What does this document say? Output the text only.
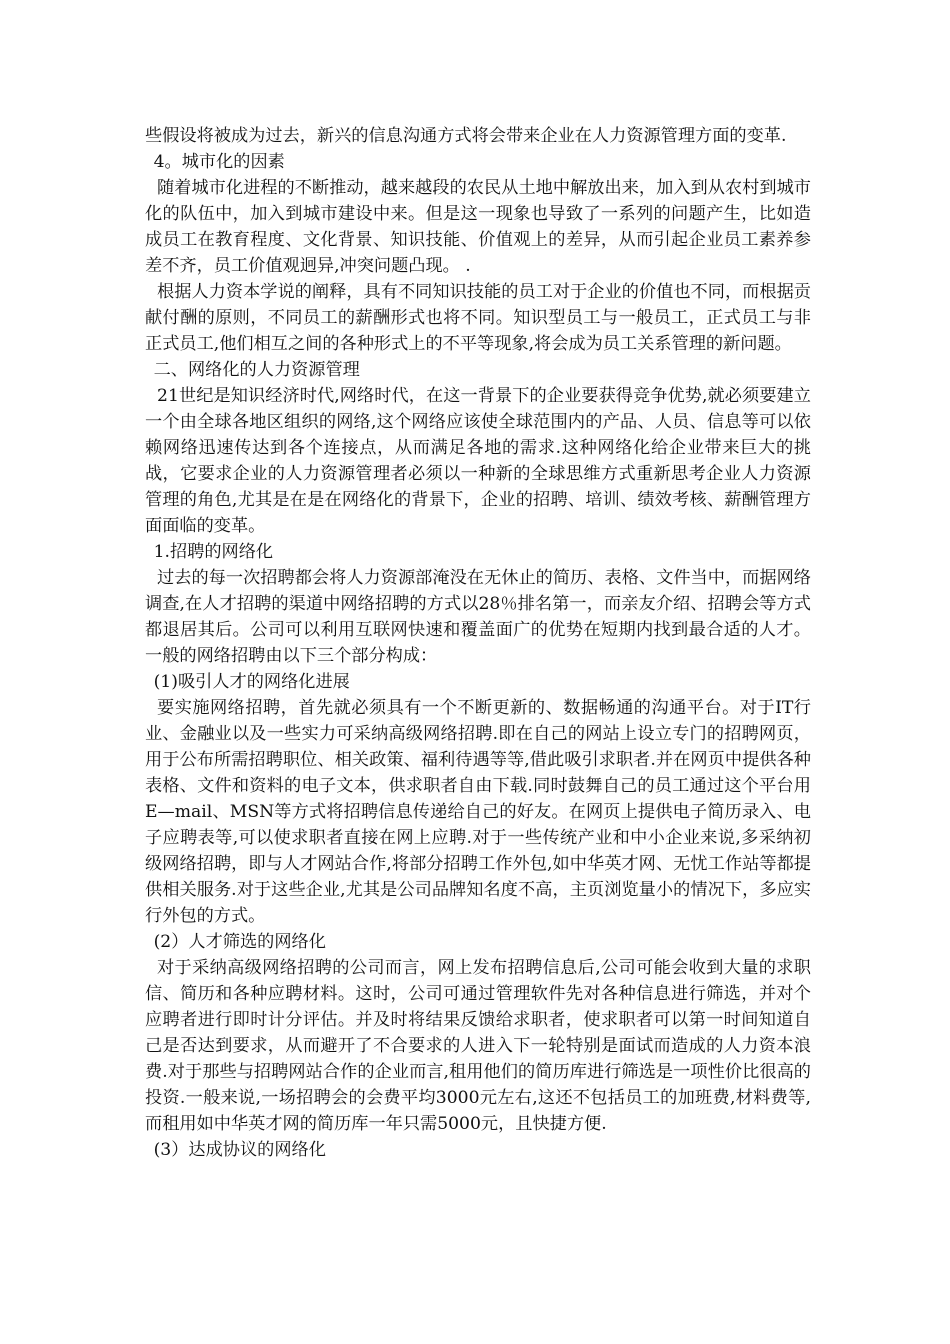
些假设将被成为过去，新兴的信息沟通方式将会带来企业在人力资源管理方面的变革.

4。城市化的因素

随着城市化进程的不断推动，越来越段的农民从土地中解放出来，加入到从农村到城市化的队伍中，加入到城市建设中来。但是这一现象也导致了一系列的问题产生，比如造成员工在教育程度、文化背景、知识技能、价值观上的差异，从而引起企业员工素养参差不齐，员工价值观迥异,冲突问题凸现。 .

根据人力资本学说的阐释，具有不同知识技能的员工对于企业的价值也不同，而根据贡献付酬的原则，不同员工的薪酬形式也将不同。知识型员工与一般员工，正式员工与非正式员工,他们相互之间的各种形式上的不平等现象,将会成为员工关系管理的新问题。

二、网络化的人力资源管理

21世纪是知识经济时代,网络时代，在这一背景下的企业要获得竞争优势,就必须要建立一个由全球各地区组织的网络,这个网络应该使全球范围内的产品、人员、信息等可以依赖网络迅速传达到各个连接点，从而满足各地的需求.这种网络化给企业带来巨大的挑战，它要求企业的人力资源管理者必须以一种新的全球思维方式重新思考企业人力资源管理的角色,尤其是在是在网络化的背景下，企业的招聘、培训、绩效考核、薪酬管理方面面临的变革。

1.招聘的网络化

过去的每一次招聘都会将人力资源部淹没在无休止的简历、表格、文件当中，而据网络调查,在人才招聘的渠道中网络招聘的方式以28％排名第一，而亲友介绍、招聘会等方式都退居其后。公司可以利用互联网快速和覆盖面广的优势在短期内找到最合适的人才。一般的网络招聘由以下三个部分构成：

(1)吸引人才的网络化进展

要实施网络招聘，首先就必须具有一个不断更新的、数据畅通的沟通平台。对于IT行业、金融业以及一些实力可采纳高级网络招聘.即在自己的网站上设立专门的招聘网页，用于公布所需招聘职位、相关政策、福利待遇等等,借此吸引求职者.并在网页中提供各种表格、文件和资料的电子文本，供求职者自由下载.同时鼓舞自己的员工通过这个平台用E—mail、MSN等方式将招聘信息传递给自己的好友。在网页上提供电子简历录入、电子应聘表等,可以使求职者直接在网上应聘.对于一些传统产业和中小企业来说,多采纳初级网络招聘，即与人才网站合作,将部分招聘工作外包,如中华英才网、无忧工作站等都提供相关服务.对于这些企业,尤其是公司品牌知名度不高，主页浏览量小的情况下，多应实行外包的方式。

(2）人才筛选的网络化

对于采纳高级网络招聘的公司而言，网上发布招聘信息后,公司可能会收到大量的求职信、简历和各种应聘材料。这时，公司可通过管理软件先对各种信息进行筛选，并对个应聘者进行即时计分评估。并及时将结果反馈给求职者，使求职者可以第一时间知道自己是否达到要求，从而避开了不合要求的人进入下一轮特别是面试而造成的人力资本浪费.对于那些与招聘网站合作的企业而言,租用他们的简历库进行筛选是一项性价比很高的投资.一般来说,一场招聘会的会费平均3000元左右,这还不包括员工的加班费,材料费等,而租用如中华英才网的简历库一年只需5000元，且快捷方便.

(3）达成协议的网络化
